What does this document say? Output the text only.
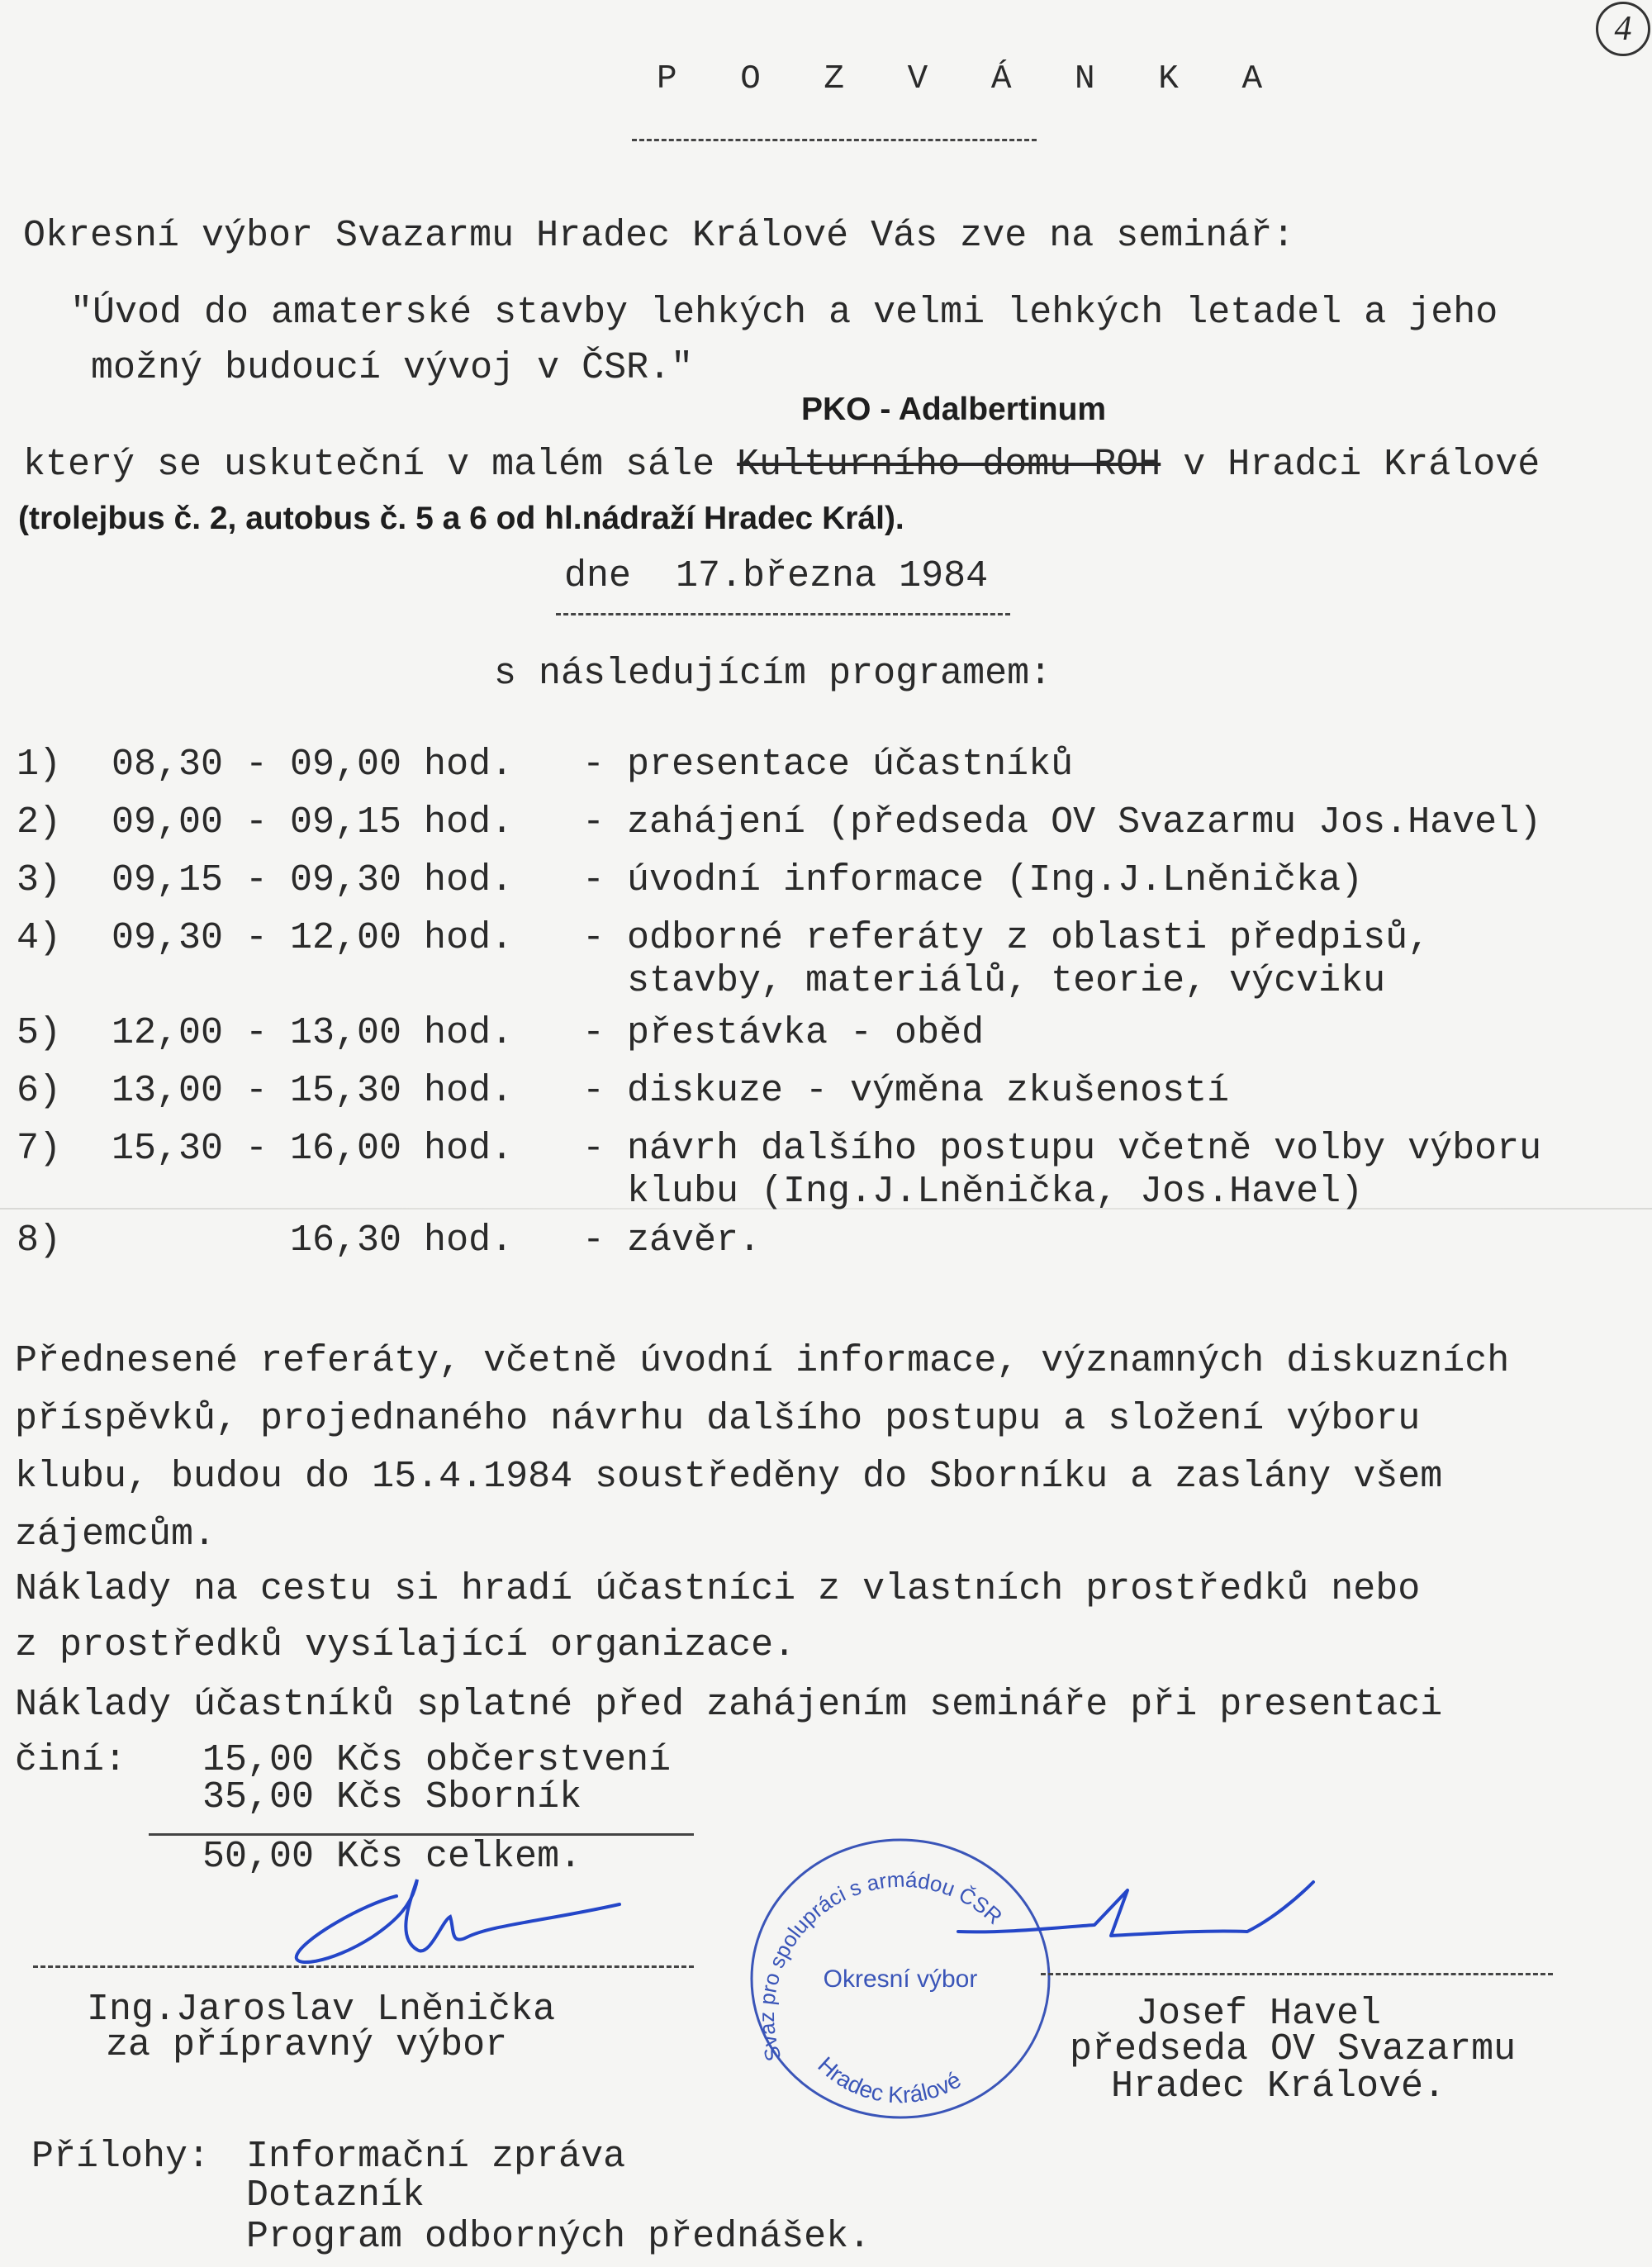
4
P O Z V Á N K A
Okresní výbor Svazarmu Hradec Králové Vás zve na seminář:
"Úvod do amaterské stavby lehkých a velmi lehkých letadel a jeho
možný budoucí vývoj v ČSR."
PKO - Adalbertinum
který se uskuteční v malém sále Kulturního domu ROH v Hradci Králové
(trolejbus č. 2, autobus č. 5 a 6 od hl.nádraží Hradec Král).
dne  17.března 1984
s následujícím programem:
1) 08,30 - 09,00 hod. - presentace účastníků
2) 09,00 - 09,15 hod. - zahájení (předseda OV Svazarmu Jos.Havel)
3) 09,15 - 09,30 hod. - úvodní informace (Ing.J.Lněnička)
4) 09,30 - 12,00 hod. - odborné referáty z oblasti předpisů,
stavby, materiálů, teorie, výcviku
5) 12,00 - 13,00 hod. - přestávka - oběd
6) 13,00 - 15,30 hod. - diskuze - výměna zkušeností
7) 15,30 - 16,00 hod. - návrh dalšího postupu včetně volby výboru
klubu (Ing.J.Lněnička, Jos.Havel)
8) 16,30 hod. - závěr.
Přednesené referáty, včetně úvodní informace, významných diskuzních
příspěvků, projednaného návrhu dalšího postupu a složení výboru
klubu, budou do 15.4.1984 soustředěny do Sborníku a zaslány všem
zájemcům.
Náklady na cestu si hradí účastníci z vlastních prostředků nebo
z prostředků vysílající organizace.
Náklady účastníků splatné před zahájením semináře při presentaci
činí: 15,00 Kčs občerstvení
35,00 Kčs Sborník
50,00 Kčs celkem.
Ing.Jaroslav Lněnička
za přípravný výbor	Svaz pro spolupráci s armádou ČSR
Okresní výbor
Hradec Králové
Josef Havel
předseda OV Svazarmu
Hradec Králové.
Přílohy: Informační zpráva
Dotazník
Program odborných přednášek.
